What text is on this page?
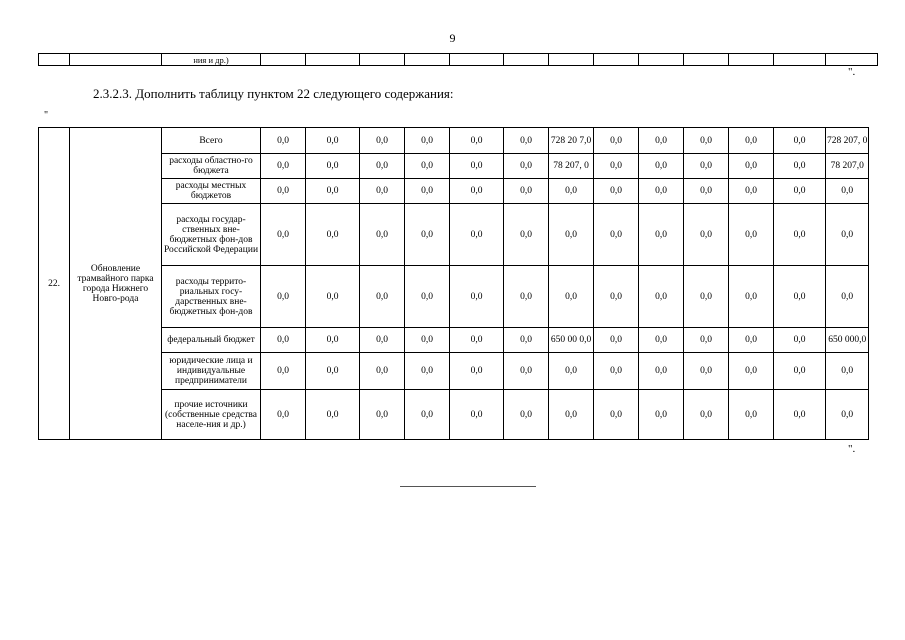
9
		ния и др.)													
".
2.3.2.3. Дополнить таблицу пунктом 22 следующего содержания:
"
22.	Обновление трамвайного парка города Нижнего Новго-рода	Всего	0,0	0,0	0,0	0,0	0,0	0,0	728 20 7,0	0,0	0,0	0,0	0,0	0,0	728 207, 0
		расходы областно-го бюджета	0,0	0,0	0,0	0,0	0,0	0,0	78 207, 0	0,0	0,0	0,0	0,0	0,0	78 207,0
		расходы местных бюджетов	0,0	0,0	0,0	0,0	0,0	0,0	0,0	0,0	0,0	0,0	0,0	0,0	0,0
		расходы государ-ственных вне-бюджетных фон-дов Российской Федерации	0,0	0,0	0,0	0,0	0,0	0,0	0,0	0,0	0,0	0,0	0,0	0,0	0,0
		расходы террито-риальных госу-дарственных вне-бюджетных фон-дов	0,0	0,0	0,0	0,0	0,0	0,0	0,0	0,0	0,0	0,0	0,0	0,0	0,0
		федеральный бюджет	0,0	0,0	0,0	0,0	0,0	0,0	650 00 0,0	0,0	0,0	0,0	0,0	0,0	650 000,0
		юридические лица и индивидуальные предприниматели	0,0	0,0	0,0	0,0	0,0	0,0	0,0	0,0	0,0	0,0	0,0	0,0	0,0
		прочие источники (собственные средства населе-ния и др.)	0,0	0,0	0,0	0,0	0,0	0,0	0,0	0,0	0,0	0,0	0,0	0,0	0,0
".
